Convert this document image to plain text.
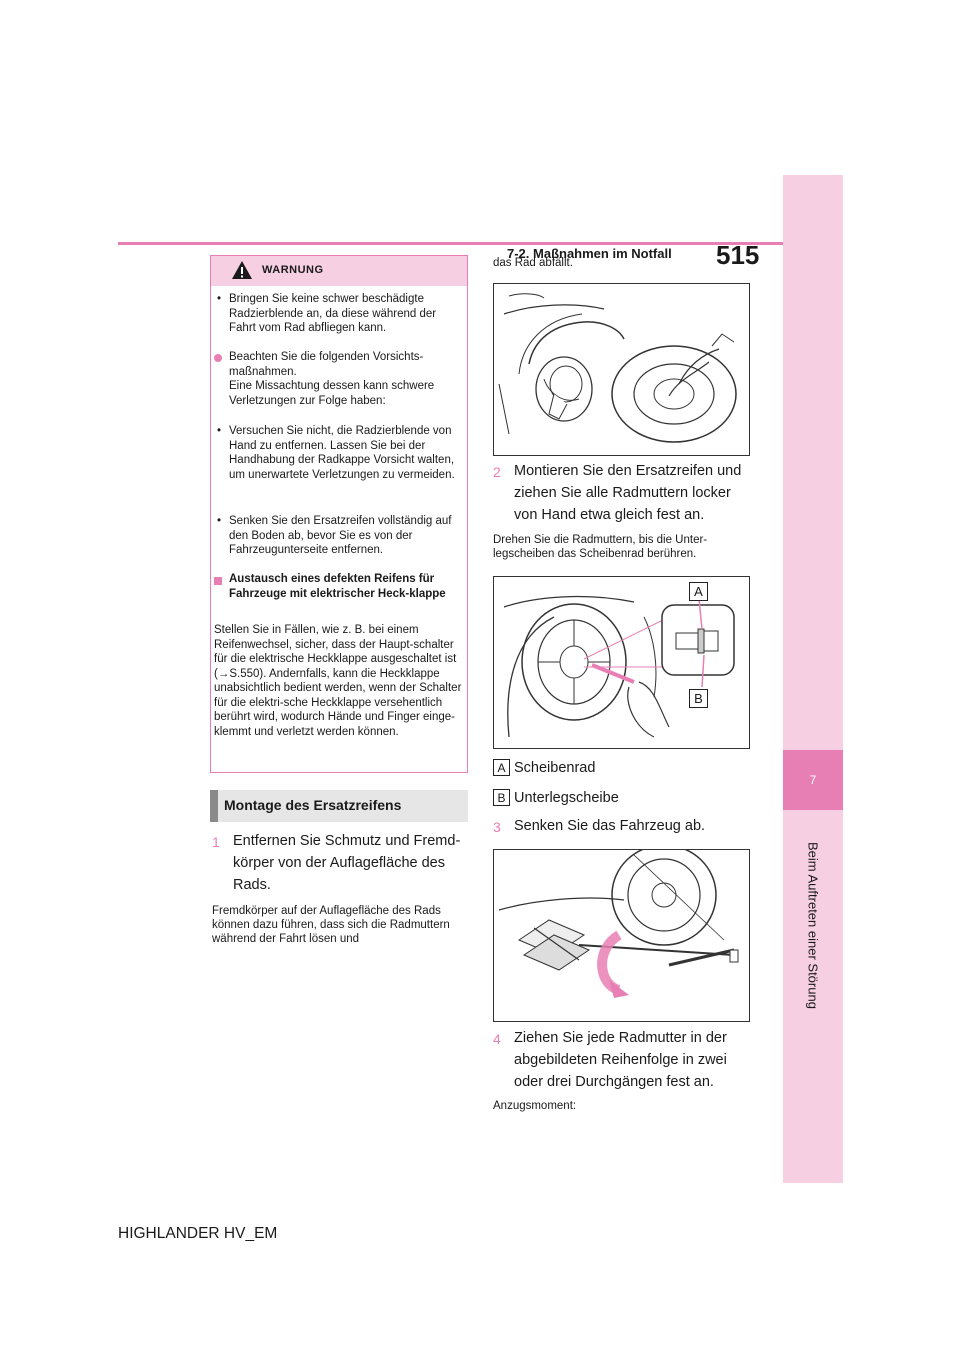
7-2. Maßnahmen im Notfall 515
7
Beim Auftreten einer Störung
WARNUNG
• Bringen Sie keine schwer beschädigte Radzierblende an, da diese während der Fahrt vom Rad abfliegen kann.
Beachten Sie die folgenden Vorsichts-
maßnahmen.
Eine Missachtung dessen kann schwere Verletzungen zur Folge haben:
• Versuchen Sie nicht, die Radzierblende von Hand zu entfernen. Lassen Sie bei der Handhabung der Radkappe Vorsicht walten, um unerwartete Verletzungen zu vermeiden.
• Senken Sie den Ersatzreifen vollständig auf den Boden ab, bevor Sie es von der Fahrzeugunterseite entfernen.
Austausch eines defekten Reifens für Fahrzeuge mit elektrischer Heck-klappe
Stellen Sie in Fällen, wie z. B. bei einem Reifenwechsel, sicher, dass der Haupt-schalter für die elektrische Heckklappe ausgeschaltet ist (→S.550). Andernfalls, kann die Heckklappe unabsichtlich bedient werden, wenn der Schalter für die elektri-sche Heckklappe versehentlich berührt wird, wodurch Hände und Finger einge-klemmt und verletzt werden können.
Montage des Ersatzreifens
1 Entfernen Sie Schmutz und Fremd-körper von der Auflagefläche des Rads.
Fremdkörper auf der Auflagefläche des Rads können dazu führen, dass sich die Radmuttern während der Fahrt lösen und
das Rad abfällt.
2 Montieren Sie den Ersatzreifen und ziehen Sie alle Radmuttern locker von Hand etwa gleich fest an.
Drehen Sie die Radmuttern, bis die Unter-legscheiben das Scheibenrad berühren.
A
B
A Scheibenrad
B Unterlegscheibe
3 Senken Sie das Fahrzeug ab.
4 Ziehen Sie jede Radmutter in der abgebildeten Reihenfolge in zwei oder drei Durchgängen fest an.
Anzugsmoment:
HIGHLANDER HV_EM
